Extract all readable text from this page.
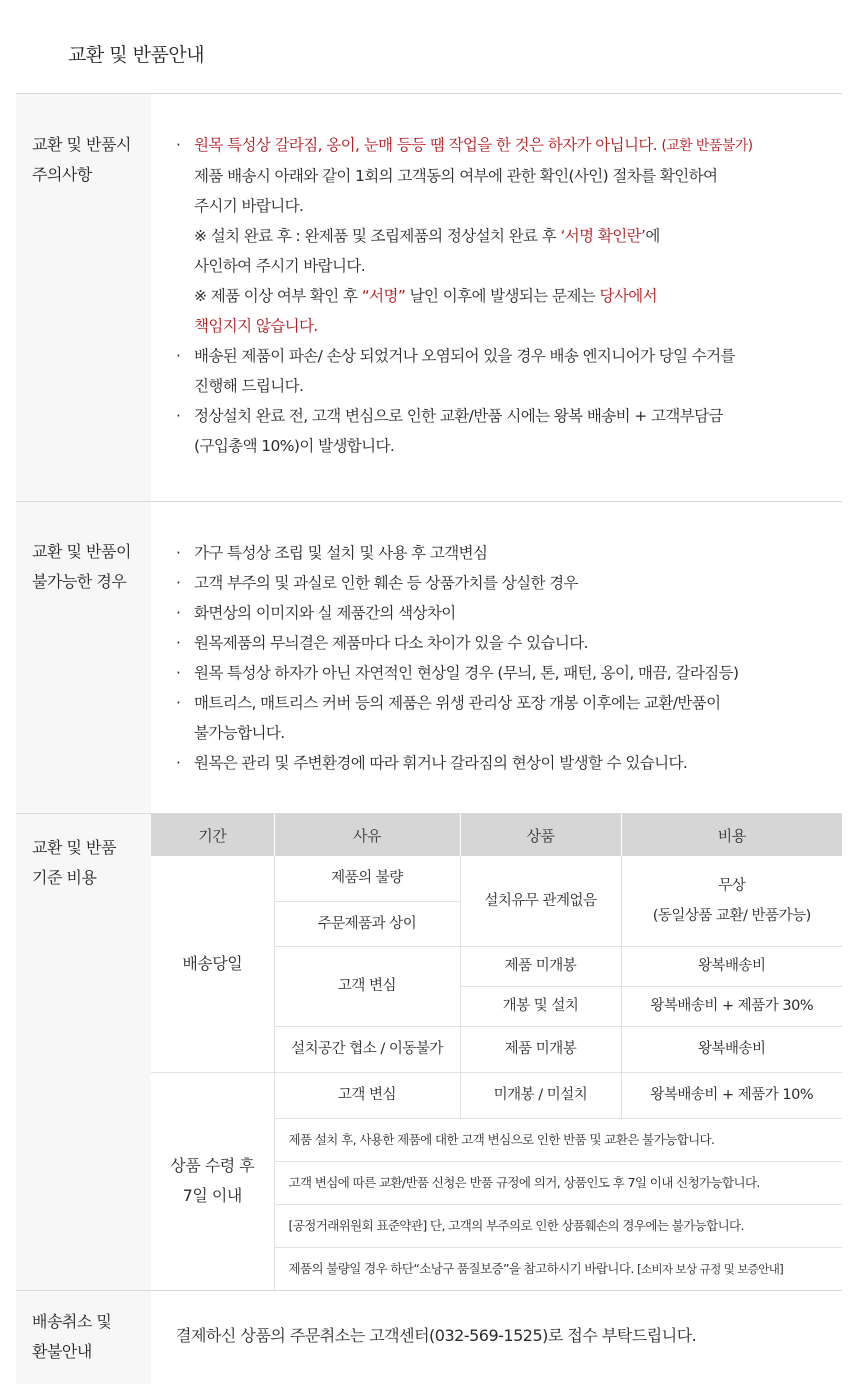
교환 및 반품안내
교환 및 반품시
주의사항
· 원목 특성상 갈라짐, 옹이, 눈매 등등 땜 작업을 한 것은 하자가 아닙니다. (교환 반품불가)
제품 배송시 아래와 같이 1회의 고객동의 여부에 관한 확인(사인) 절차를 확인하여
주시기 바랍니다.
※ 설치 완료 후 : 완제품 및 조립제품의 정상설치 완료 후 ‘서명 확인란’에
사인하여 주시기 바랍니다.
※ 제품 이상 여부 확인 후 “서명” 날인 이후에 발생되는 문제는 당사에서
책임지지 않습니다.
· 배송된 제품이 파손/ 손상 되었거나 오염되어 있을 경우 배송 엔지니어가 당일 수거를
진행해 드립니다.
· 정상설치 완료 전, 고객 변심으로 인한 교환/반품 시에는 왕복 배송비 + 고객부담금
(구입총액 10%)이 발생합니다.
교환 및 반품이
불가능한 경우
· 가구 특성상 조립 및 설치 및 사용 후 고객변심
· 고객 부주의 및 과실로 인한 훼손 등 상품가치를 상실한 경우
· 화면상의 이미지와 실 제품간의 색상차이
· 원목제품의 무늬결은 제품마다 다소 차이가 있을 수 있습니다.
· 원목 특성상 하자가 아닌 자연적인 현상일 경우 (무늬, 톤, 패턴, 옹이, 매끔, 갈라짐등)
· 매트리스, 매트리스 커버 등의 제품은 위생 관리상 포장 개봉 이후에는 교환/반품이
불가능합니다.
· 원목은 관리 및 주변환경에 따라 휘거나 갈라짐의 현상이 발생할 수 있습니다.
교환 및 반품
기준 비용
기간	사유	상품	비용
배송당일	제품의 불량	설치유무 관계없음	무상
(동일상품 교환/ 반품가능)

	주문제품과 상이		
	고객 변심	제품 미개봉	왕복배송비
		개봉 및 설치	왕복배송비 + 제품가 30%
	설치공간 협소 / 이동불가	제품 미개봉	왕복배송비

상품 수령 후
7일 이내	고객 변심	미개봉 / 미설치	왕복배송비 + 제품가 10%
	제품 설치 후, 사용한 제품에 대한 고객 변심으로 인한 반품 및 교환은 불가능합니다.		
	고객 변심에 따른 교환/반품 신청은 반품 규정에 의거, 상품인도 후 7일 이내 신청가능합니다.		
	[공정거래위원회 표준약관] 단, 고객의 부주의로 인한 상품훼손의 경우에는 불가능합니다.		
	제품의 불량일 경우 하단“소낭구 품질보증”을 참고하시기 바랍니다. [소비자 보상 규정 및 보증안내]		
배송취소 및
환불안내
결제하신 상품의 주문취소는 고객센터(032-569-1525)로 접수 부탁드립니다.
